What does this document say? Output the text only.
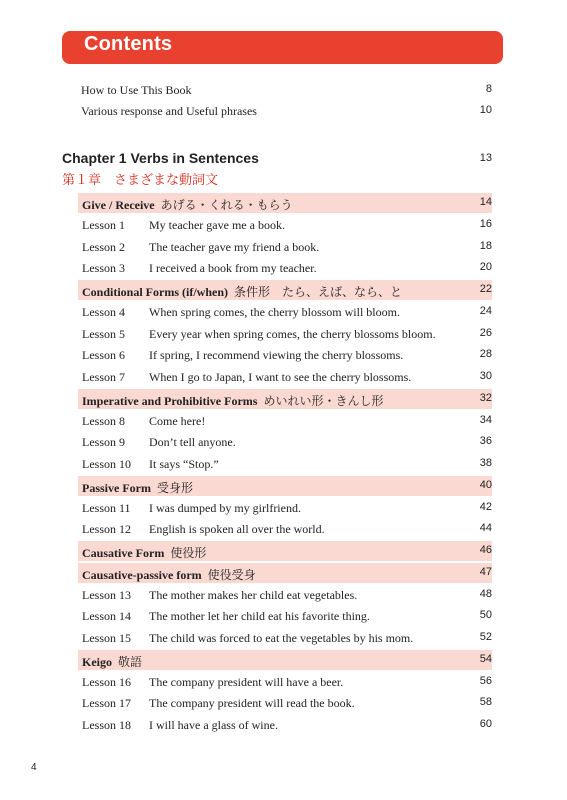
Contents
How to Use This Book	8
Various response and Useful phrases	10
Chapter 1 Verbs in Sentences	13
第１章　さまざまな動詞文
Give / Receive あげる・くれる・もらう	14
Lesson 1 My teacher gave me a book.	16
Lesson 2 The teacher gave my friend a book.	18
Lesson 3 I received a book from my teacher.	20
Conditional Forms (if/when) 条件形　たら、えば、なら、と	22
Lesson 4 When spring comes, the cherry blossom will bloom.	24
Lesson 5 Every year when spring comes, the cherry blossoms bloom.	26
Lesson 6 If spring, I recommend viewing the cherry blossoms.	28
Lesson 7 When I go to Japan, I want to see the cherry blossoms.	30
Imperative and Prohibitive Forms めいれい形・きんし形	32
Lesson 8 Come here!	34
Lesson 9 Don’t tell anyone.	36
Lesson 10 It says “Stop.”	38
Passive Form 受身形	40
Lesson 11 I was dumped by my girlfriend.	42
Lesson 12 English is spoken all over the world.	44
Causative Form 使役形	46
Causative-passive form 使役受身	47
Lesson 13 The mother makes her child eat vegetables.	48
Lesson 14 The mother let her child eat his favorite thing.	50
Lesson 15 The child was forced to eat the vegetables by his mom.	52
Keigo 敬語	54
Lesson 16 The company president will have a beer.	56
Lesson 17 The company president will read the book.	58
Lesson 18 I will have a glass of wine.	60
4
